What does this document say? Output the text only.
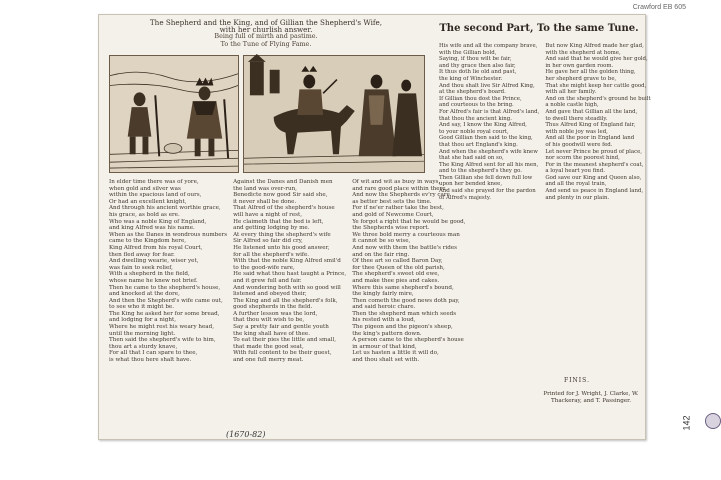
Crawford EB 605
142
The Shepherd and the King, and of Gillian the Shepherd's Wife, with her churlish answer.
Being full of mirth and pastime.
To the Tune of Flying Fame.
In elder time there was of yore,
when gold and silver was
within the spacious land of ours,
Or had an excellent knight,
And through his ancient worthie grace,
his grace, as bold as ere.
Who was a noble King of England,
and king Alfred was his name.
When as the Danes in wondrous numbers
came to the Kingdom here,
King Alfred from his royal Court,
then fled away for fear.
And dwelling wearie, wiser yet,
was fain to seek relief,
With a shepherd in the field,
whose name he knew not brief.
Then he came to the shepherd's house,
and knocked at the dore,
And then the Shepherd's wife came out,
to see who it might be.
The King he asked her for some bread,
and lodging for a night,
Where he might rest his weary head,
until the morning light.
Then said the shepherd's wife to him,
thou art a sturdy knave,
For all that I can spare to thee,
is what thou here shalt have.
Against the Danes and Danish men
the land was over-run,
Benedicte now good Sir said she,
it never shall be done.
That Alfred of the shepherd's house
will have a night of rest,
He claimeth that the bed is left,
and getting lodging by me.
At every thing the shepherd's wife
Sir Alfred so fair did cry,
He listened unto his good answer,
for all the shepherd's wife.
With that the noble King Alfred smil'd
to the good-wife rare,
He said what thou hast taught a Prince,
and it grew full and fair.
And wondering both with so good will
listened and obeyed their,
The King and all the shepherd's folk,
good shepherds in the field.
A further lesson was the lord,
that thou wilt wish to be,
Say a pretty fair and gentle youth
the king shall have of thee.
To eat their pies the little and small,
that made the good seat,
With full content to be their guest,
and one full merry meat.
Of wit and wit as busy in ways,
and rare good place within there,
And now the Shepherds ev'ry care
as better best sets the time.
For if ne'er rather take the best,
and gold of Newcome Court,
Ye forgot a right that he would be good,
the Shepherds wise report.
We three bold merry a courteous man
it cannot be so wise,
And now with them the battle's rides
and on the fair ring.
Of thee art so called Baron Day,
for thee Queen of the old parish,
The shepherd's sweet old ewe,
and make thee pies and cakes.
Where this same shepherd's bound,
the kingly fairly mire,
Then cometh the good news doth pay,
and said heroic chare.
Then the shepherd man which seeds
his rested with a loud,
The pigeon and the pigeon's sheep,
the king's pattern down.
A person came to the shepherd's house
in armour of that kind,
Let us hasten a little it will do,
and thou shalt set with.
The second Part, To the same Tune.
His wife and all the company brave,
with the Gillian bold,
Saying, if thou wilt be fair,
and thy grace then also fair,
It thus doth lie old and past,
the king of Winchester.
And thou shalt live Sir Alfred King,
at the shepherd's board.
If Gillian thou dost the Prince,
and courteous to the bring.
For Alfred's fair is that Alfred's land,
that thou the ancient king.
And say, I know the King Alfred,
to your noble royal court,
Good Gillian then said to the king,
that thou art England's king.
And when the shepherd's wife knew
that she had said on so,
The King Alfred sent for all his men,
and to the shepherd's they go.
Then Gillian she fell down full low
upon her bended knee,
And said she prayed for the pardon
of Alfred's majesty.
But now King Alfred made her glad,
with the shepherd at home,
And said that he would give her gold,
in her own garden room.
He gave her all the golden thing,
her shepherd grave to be,
That she might keep her cattle good,
with all her family.
And on the shepherd's ground he built
a noble castle high,
And gave that Gillian all the land,
to dwell there steadily.
Thus Alfred King of England fair,
with noble joy was led,
And all the poor in England land
of his goodwill were fed.
Let never Prince be proud of place,
nor scorn the poorest hind,
For in the meanest shepherd's coat,
a loyal heart you find.
God save our King and Queen also,
and all the royal train,
And send us peace in England land,
and plenty in our plain.
FINIS.
Printed for J. Wright, J. Clarke, W.
Thackeray, and T. Passinger.
(1670-82)
